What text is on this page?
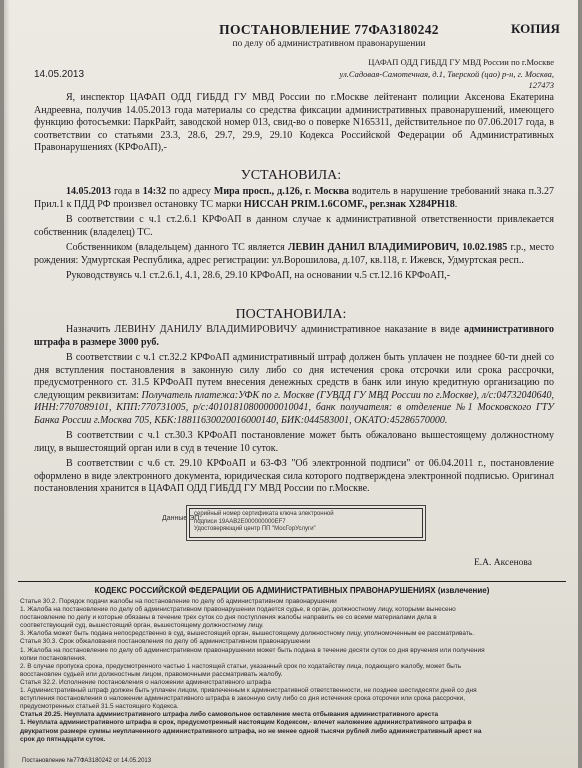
ПОСТАНОВЛЕНИЕ 77ФА3180242	КОПИЯ
по делу об административном правонарушении
14.05.2013
ЦАФАП ОДД ГИБДД ГУ МВД России по г.Москве
ул.Садовая-Самотечная, д.1, Тверской (цао) р-н, г. Москва,
127473

Я, инспектор ЦАФАП ОДД ГИБДД ГУ МВД России по г.Москве лейтенант полиции Аксенова Екатерина Андреевна, получив 14.05.2013 года материалы со средства фиксации административных правонарушений, имеющего функцию фотосъемки: ПаркРайт, заводской номер 013, свид-во о поверке N165311, действительное по 07.06.2017 года, в соответствии со статьями 23.3, 28.6, 29.7, 29.9, 29.10 Кодекса Российской Федерации об Административных Правонарушениях (КРФоАП),-

УСТАНОВИЛА:

14.05.2013 года в 14:32 по адресу Мира просп., д.126, г. Москва водитель в нарушение требований знака п.3.27 Прил.1 к ПДД РФ произвел остановку ТС марки НИССАН PRIM.1.6COMF., рег.знак Х284РН18.

В соответствии с ч.1 ст.2.6.1 КРФоАП в данном случае к административной ответственности привлекается собственник (владелец) ТС.

Собственником (владельцем) данного ТС является ЛЕВИН ДАНИЛ ВЛАДИМИРОВИЧ, 10.02.1985 г.р., место рождения: Удмуртская Республика, адрес регистрации: ул.Ворошилова, д.107, кв.118, г. Ижевск, Удмуртская респ..

Руководствуясь ч.1 ст.2.6.1, 4.1, 28.6, 29.10 КРФоАП, на основании ч.5 ст.12.16 КРФоАП,-

ПОСТАНОВИЛА:

Назначить ЛЕВИНУ ДАНИЛУ ВЛАДИМИРОВИЧУ административное наказание в виде административного штрафа в размере 3000 руб.

В соответствии с ч.1 ст.32.2 КРФоАП административный штраф должен быть уплачен не позднее 60-ти дней со дня вступления постановления в законную силу либо со дня истечения срока отсрочки или срока рассрочки, предусмотренного ст. 31.5 КРФоАП путем внесения денежных средств в банк или иную кредитную организацию по следующим реквизитам: Получатель платежа:УФК по г. Москве (ГУВДД ГУ МВД России по г.Москве), л/с:04732040640, ИНН:7707089101, КПП:770731005, р/с:40101810800000010041, банк получателя: в отделение №1 Московского ГТУ Банка России г.Москва 705, КБК:18811630020016000140, БИК:044583001, ОКАТО:45286570000.

В соответствии с ч.1 ст.30.3 КРФоАП постановление может быть обжаловано вышестоящему должностному лицу, в вышестоящий орган или в суд в течение 10 суток.

В соответствии с ч.6 ст. 29.10 КРФоАП и 63-ФЗ "Об электронной подписи" от 06.04.2011 г., постановление оформлено в виде электронного документа, юридическая сила которого подтверждена электронной подписью. Оригинал постановления хранится в ЦАФАП ОДД ГИБДД ГУ МВД России по г.Москве.

Данные ЭП:
серийный номер сертификата ключа электронной
подписи 19AAB2E000000000EF7
Удостоверяющий центр ПП "МосГорУслуги"
Е.А. Аксенова
КОДЕКС РОССИЙСКОЙ ФЕДЕРАЦИИ ОБ АДМИНИСТРАТИВНЫХ ПРАВОНАРУШЕНИЯХ (извлечение)
Статья 30.2. Порядок подачи жалобы на постановление по делу об административном правонарушении
1. Жалоба на постановление по делу об административном правонарушении подается судье, в орган, должностному лицу, которыми вынесено
постановление по делу и которые обязаны в течение трех суток со дня поступления жалобы направить ее со всеми материалами дела в
соответствующий суд, вышестоящий орган, вышестоящему должностному лицу.
3. Жалоба может быть подана непосредственно в суд, вышестоящий орган, вышестоящему должностному лицу, уполномоченным ее рассматривать.
Статья 30.3. Срок обжалования постановления по делу об административном правонарушении
1. Жалоба на постановление по делу об административном правонарушении может быть подана в течение десяти суток со дня вручения или получения
копии постановления.
2. В случае пропуска срока, предусмотренного частью 1 настоящей статьи, указанный срок по ходатайству лица, подающего жалобу, может быть
восстановлен судьей или должностным лицом, правомочными рассматривать жалобу.
Статья 32.2. Исполнение постановления о наложении административного штрафа
1. Административный штраф должен быть уплачен лицом, привлеченным к административной ответственности, не позднее шестидесяти дней со дня
вступления постановления о наложении административного штрафа в законную силу либо со дня истечения срока отсрочки или срока рассрочки,
предусмотренных статьей 31.5 настоящего Кодекса.
Статья 20.25. Неуплата административного штрафа либо самовольное оставление места отбывания административного ареста
1. Неуплата административного штрафа в срок, предусмотренный настоящим Кодексом,- влечет наложение административного штрафа в
двукратном размере суммы неуплаченного административного штрафа, но не менее одной тысячи рублей либо административный арест на
срок до пятнадцати суток.
Постановление №77ФА3180242 от 14.05.2013
